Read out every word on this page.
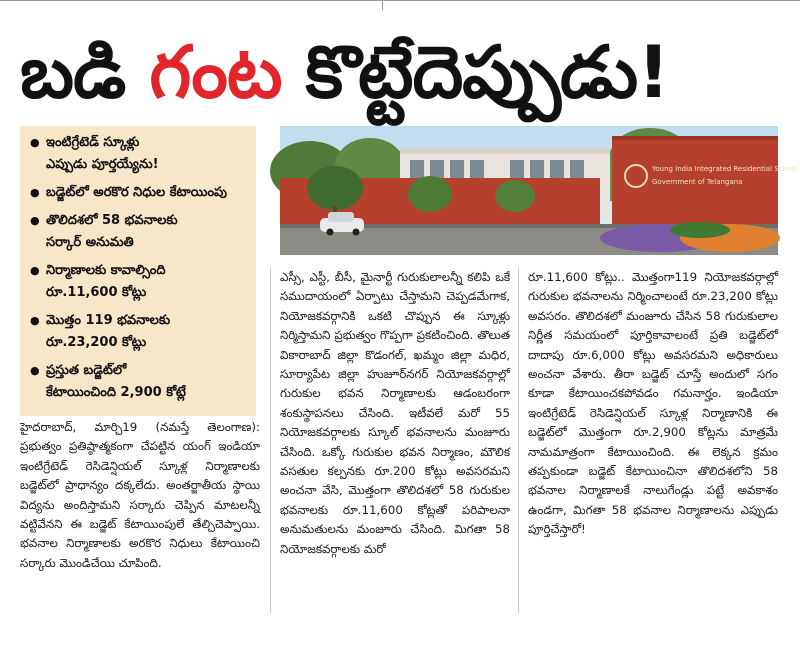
బడి గంట కొట్టేదెప్పుడు!
● ఇంటిగ్రేటెడ్ స్కూళ్లు
ఎప్పుడు పూర్తయ్యేను!
● బడ్జెట్‌లో అరకొర నిధుల కేటాయింపు
● తొలిదశలో 58 భవనాలకు
సర్కార్ అనుమతి
● నిర్మాణాలకు కావాల్సింది
రూ.11,600 కోట్లు
● మొత్తం 119 భవనాలకు
రూ.23,200 కోట్లు
● ప్రస్తుత బడ్జెట్‌లో
కేటాయించింది 2,900 కోట్లే
Young India Integrated Residential School
Government of Telangana

హైదరాబాద్, మార్చి19 (నమస్తే తెలంగాణ): ప్రభుత్వం ప్రతిష్ఠాత్మకంగా చేపట్టిన యంగ్ ఇండియా ఇంటిగ్రేటెడ్ రెసిడెన్షియల్ స్కూళ్ల నిర్మాణాలకు బడ్జెట్‌లో ప్రాధాన్యం దక్కలేదు. అంతర్జాతీయ స్థాయి విద్యను అందిస్తామని సర్కారు చెప్పిన మాటలన్నీ వట్టివేనని ఈ బడ్జెట్ కేటాయింపులే తేల్చిచెప్పాయి. భవనాల నిర్మాణాలకు అరకొర నిధులు కేటాయించి సర్కారు మొండిచేయి చూపింది.

ఎస్సీ, ఎస్టీ, బీసీ, మైనార్టీ గురుకులాలన్నీ కలిపి ఒకే సముదాయంలో ఏర్పాటు చేస్తామని చెప్పడమేగాక, నియోజకవర్గానికి ఒకటి చొప్పున ఈ స్కూళ్లు నిర్మిస్తామని ప్రభుత్వం గొప్పగా ప్రకటించింది. తొలుత వికారాబాద్ జిల్లా కొడంగల్, ఖమ్మం జిల్లా మధిర, సూర్యాపేట జిల్లా హుజూర్‌నగర్ నియోజకవర్గాల్లో గురుకుల భవన నిర్మాణాలకు ఆడంబరంగా శంకుస్థాపనలు చేసింది. ఇటీవలే మరో 55 నియోజకవర్గాలకు స్కూల్ భవనాలను మంజూరు చేసింది. ఒక్కో గురుకుల భవన నిర్మాణం, మౌలిక వసతుల కల్పనకు రూ.200 కోట్లు అవసరమని అంచనా వేసి, మొత్తంగా తొలిదశలో 58 గురుకుల భవనాలకు రూ.11,600 కోట్లతో పరిపాలనా అనుమతులను మంజూరు చేసింది. మిగతా 58 నియోజకవర్గాలకు మరో

రూ.11,600 కోట్లు.. మొత్తంగా119 నియోజకవర్గాల్లో గురుకుల భవనాలను నిర్మించాలంటే రూ.23,200 కోట్లు అవసరం. తొలిదశలో మంజూరు చేసిన 58 గురుకులాల నిర్ణీత సమయంలో పూర్తికావాలంటే ప్రతి బడ్జెట్‌లో దాదాపు రూ.6,000 కోట్లు అవసరమని అధికారులు అంచనా వేశారు. తీరా బడ్జెట్ చూస్తే అందులో సగం కూడా కేటాయించకపోవడం గమనార్హం. ఇండియా ఇంటిగ్రేటెడ్ రెసిడెన్షియల్ స్కూళ్ల నిర్మాణానికి ఈ బడ్జెట్‌లో మొత్తంగా రూ.2,900 కోట్లను మాత్రమే నామమాత్రంగా కేటాయించింది. ఈ లెక్కన క్రమం తప్పకుండా బడ్జెట్ కేటాయించినా తొలిదశలోని 58 భవనాల నిర్మాణాలకే నాలుగేండ్లు పట్టే అవకాశం ఉండగా, మిగతా 58 భవనాల నిర్మాణాలను ఎప్పుడు పూర్తిచేస్తారో!
